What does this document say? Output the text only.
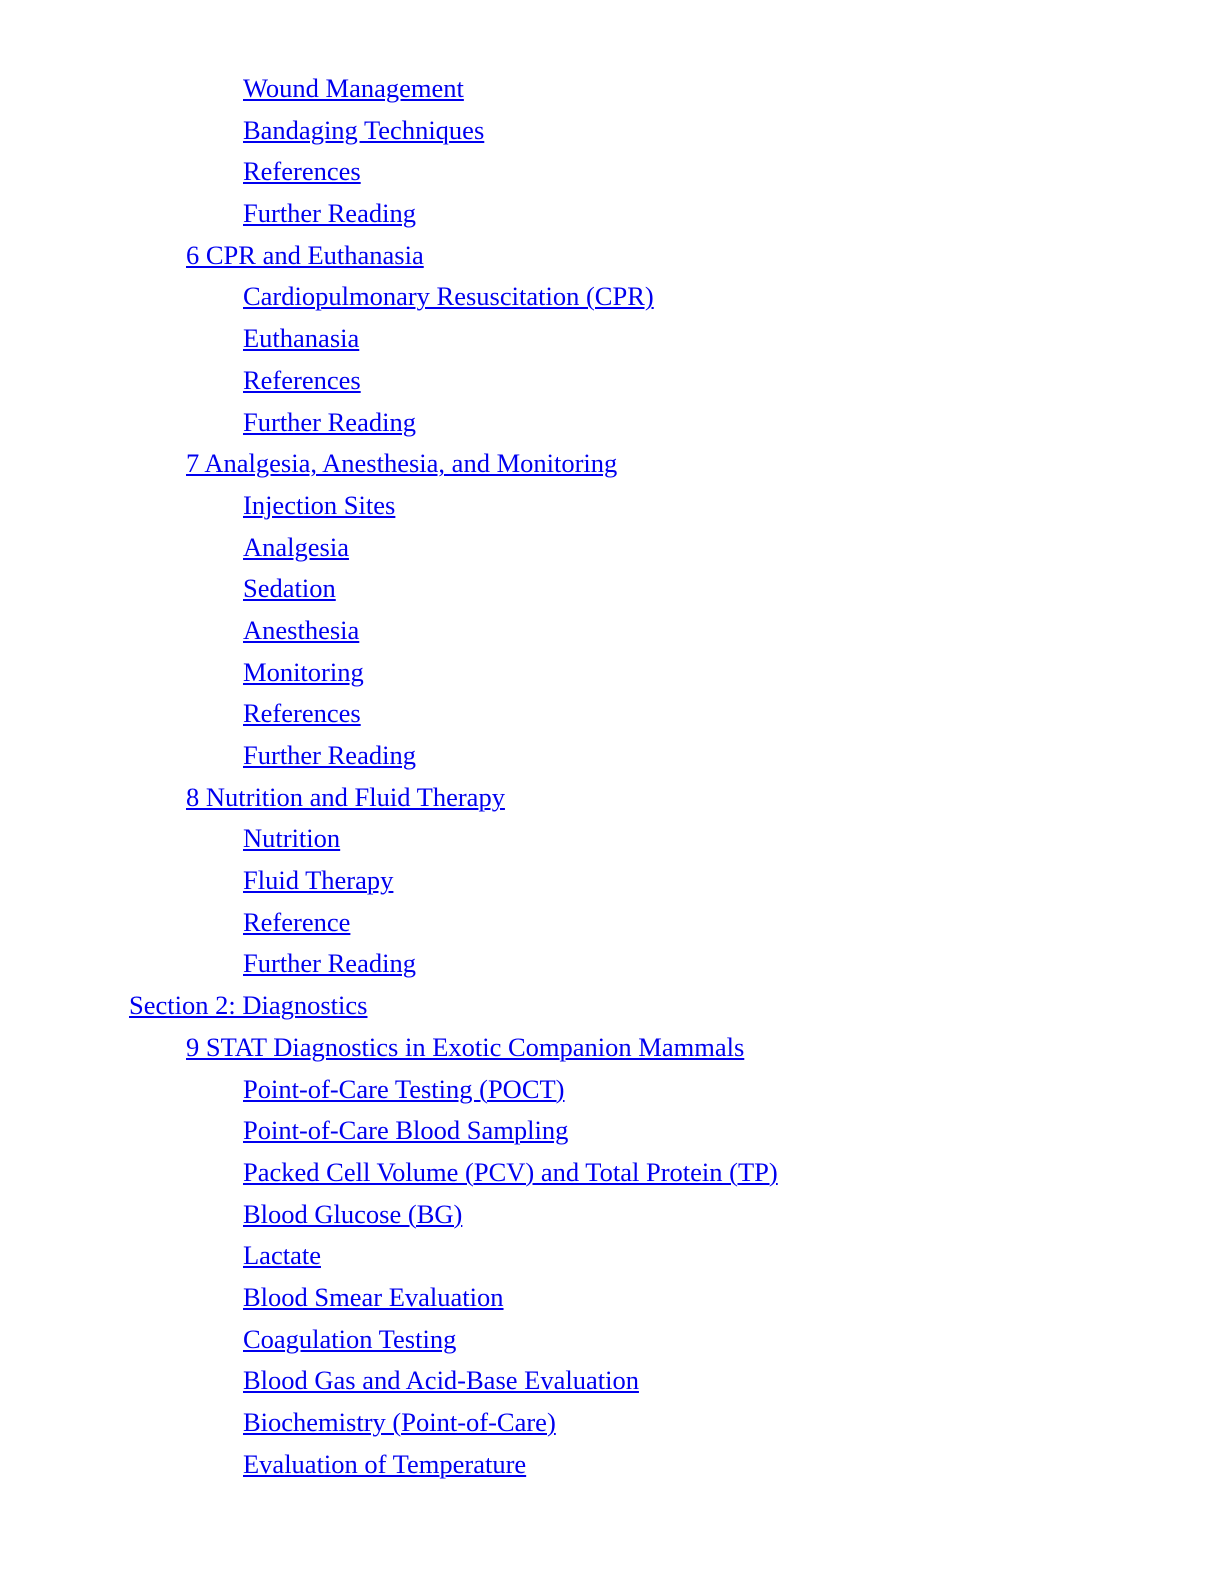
Wound Management
Bandaging Techniques
References
Further Reading
6 CPR and Euthanasia
Cardiopulmonary Resuscitation (CPR)
Euthanasia
References
Further Reading
7 Analgesia, Anesthesia, and Monitoring
Injection Sites
Analgesia
Sedation
Anesthesia
Monitoring
References
Further Reading
8 Nutrition and Fluid Therapy
Nutrition
Fluid Therapy
Reference
Further Reading
Section 2: Diagnostics
9 STAT Diagnostics in Exotic Companion Mammals
Point-of-Care Testing (POCT)
Point-of-Care Blood Sampling
Packed Cell Volume (PCV) and Total Protein (TP)
Blood Glucose (BG)
Lactate
Blood Smear Evaluation
Coagulation Testing
Blood Gas and Acid-Base Evaluation
Biochemistry (Point-of-Care)
Evaluation of Temperature
